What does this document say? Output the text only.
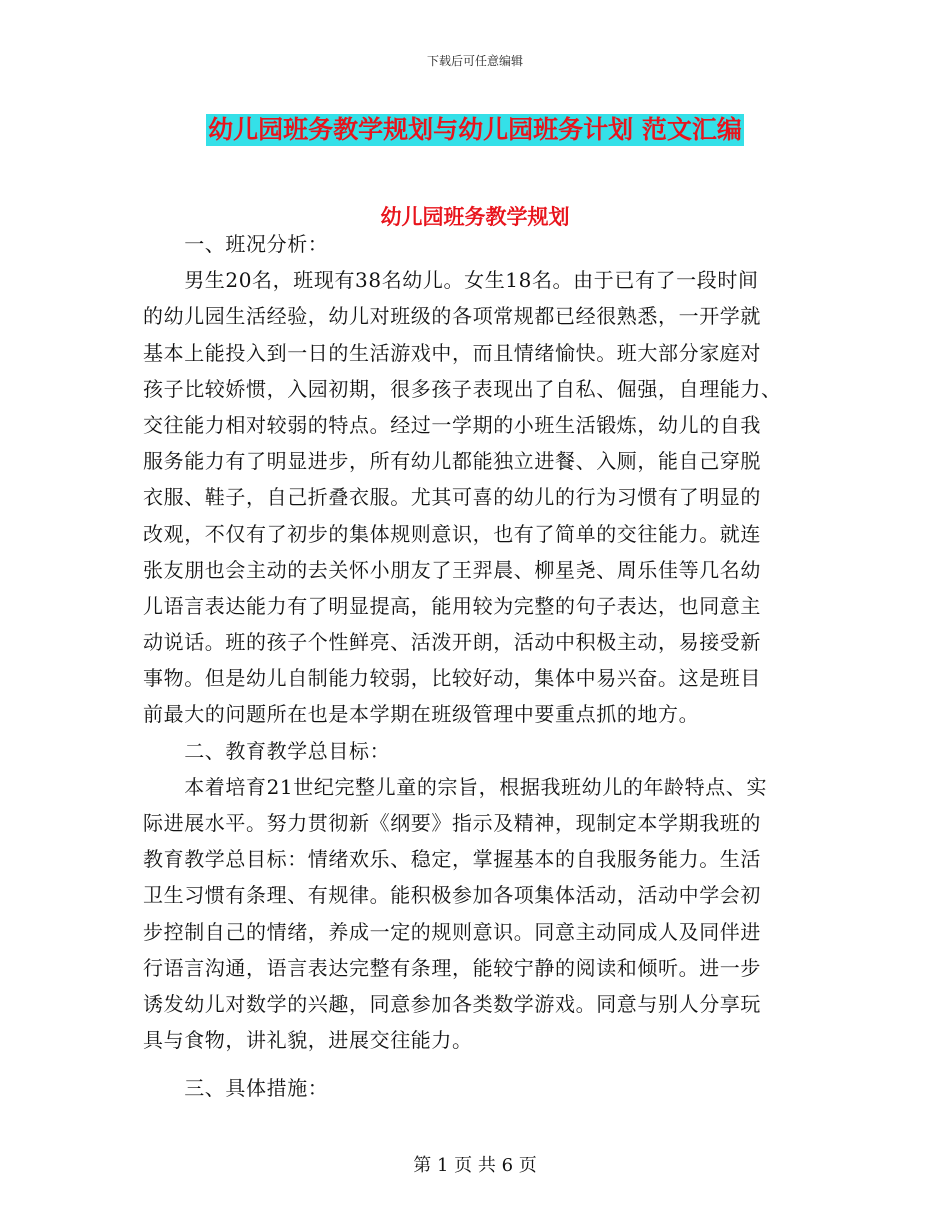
下载后可任意编辑
幼儿园班务教学规划与幼儿园班务计划 范文汇编
幼儿园班务教学规划
　　一、班况分析：
　　男生20名，班现有38名幼儿。女生18名。由于已有了一段时间
的幼儿园生活经验，幼儿对班级的各项常规都已经很熟悉，一开学就
基本上能投入到一日的生活游戏中，而且情绪愉快。班大部分家庭对
孩子比较娇惯，入园初期，很多孩子表现出了自私、倔强，自理能力、
交往能力相对较弱的特点。经过一学期的小班生活锻炼，幼儿的自我
服务能力有了明显进步，所有幼儿都能独立进餐、入厕，能自己穿脱
衣服、鞋子，自己折叠衣服。尤其可喜的幼儿的行为习惯有了明显的
改观，不仅有了初步的集体规则意识，也有了简单的交往能力。就连
张友朋也会主动的去关怀小朋友了王羿晨、柳星尧、周乐佳等几名幼
儿语言表达能力有了明显提高，能用较为完整的句子表达，也同意主
动说话。班的孩子个性鲜亮、活泼开朗，活动中积极主动，易接受新
事物。但是幼儿自制能力较弱，比较好动，集体中易兴奋。这是班目
前最大的问题所在也是本学期在班级管理中要重点抓的地方。
　　二、教育教学总目标：
　　本着培育21世纪完整儿童的宗旨，根据我班幼儿的年龄特点、实
际进展水平。努力贯彻新《纲要》指示及精神，现制定本学期我班的
教育教学总目标：情绪欢乐、稳定，掌握基本的自我服务能力。生活
卫生习惯有条理、有规律。能积极参加各项集体活动，活动中学会初
步控制自己的情绪，养成一定的规则意识。同意主动同成人及同伴进
行语言沟通，语言表达完整有条理，能较宁静的阅读和倾听。进一步
诱发幼儿对数学的兴趣，同意参加各类数学游戏。同意与别人分享玩
具与食物，讲礼貌，进展交往能力。
　　三、具体措施：
第 1 页 共 6 页
